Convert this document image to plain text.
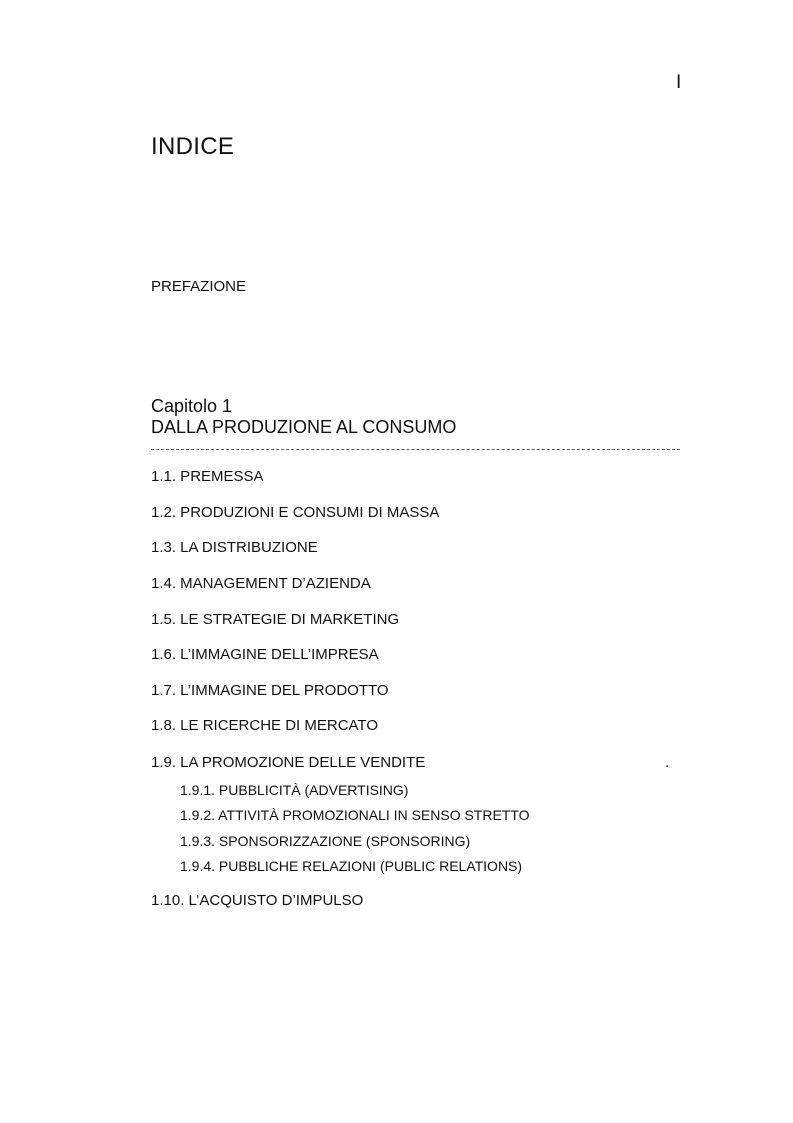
I
INDICE
PREFAZIONE
Capitolo 1
DALLA PRODUZIONE AL CONSUMO
1.1. PREMESSA
1.2. PRODUZIONI E CONSUMI DI MASSA
1.3. LA DISTRIBUZIONE
1.4. MANAGEMENT D’AZIENDA
1.5. LE STRATEGIE DI MARKETING
1.6. L’IMMAGINE DELL’IMPRESA
1.7. L’IMMAGINE DEL PRODOTTO
1.8. LE RICERCHE DI MERCATO
1.9. LA PROMOZIONE DELLE VENDITE	.
1.9.1. PUBBLICITÀ (ADVERTISING)
1.9.2. ATTIVITÀ PROMOZIONALI IN SENSO STRETTO
1.9.3. SPONSORIZZAZIONE (SPONSORING)
1.9.4. PUBBLICHE RELAZIONI (PUBLIC RELATIONS)
1.10. L’ACQUISTO D’IMPULSO
